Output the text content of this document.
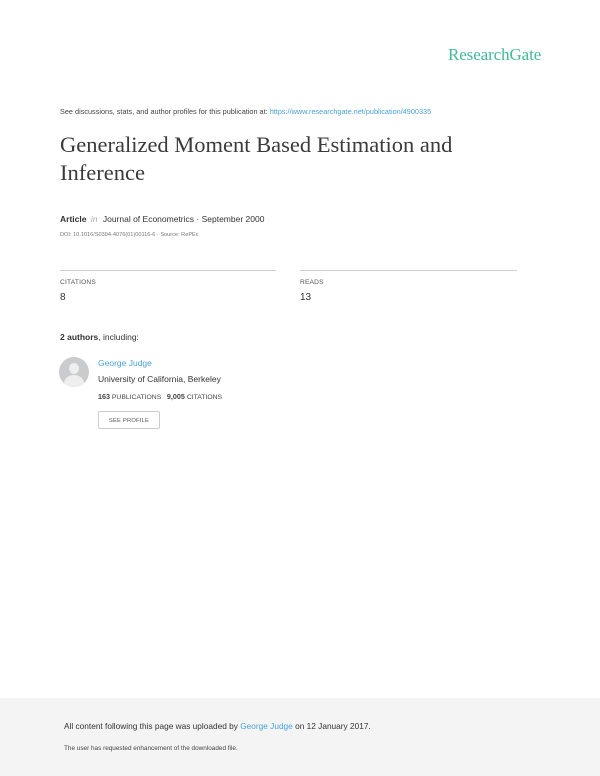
ResearchGate
See discussions, stats, and author profiles for this publication at: https://www.researchgate.net/publication/4900335
Generalized Moment Based Estimation and Inference
Article in Journal of Econometrics · September 2000
DOI: 10.1016/S0304-4076(01)00116-6 · Source: RePEc
CITATIONS
8
READS
13
2 authors, including:
George Judge
University of California, Berkeley
163 PUBLICATIONS 9,005 CITATIONS
SEE PROFILE
All content following this page was uploaded by George Judge on 12 January 2017.
The user has requested enhancement of the downloaded file.
